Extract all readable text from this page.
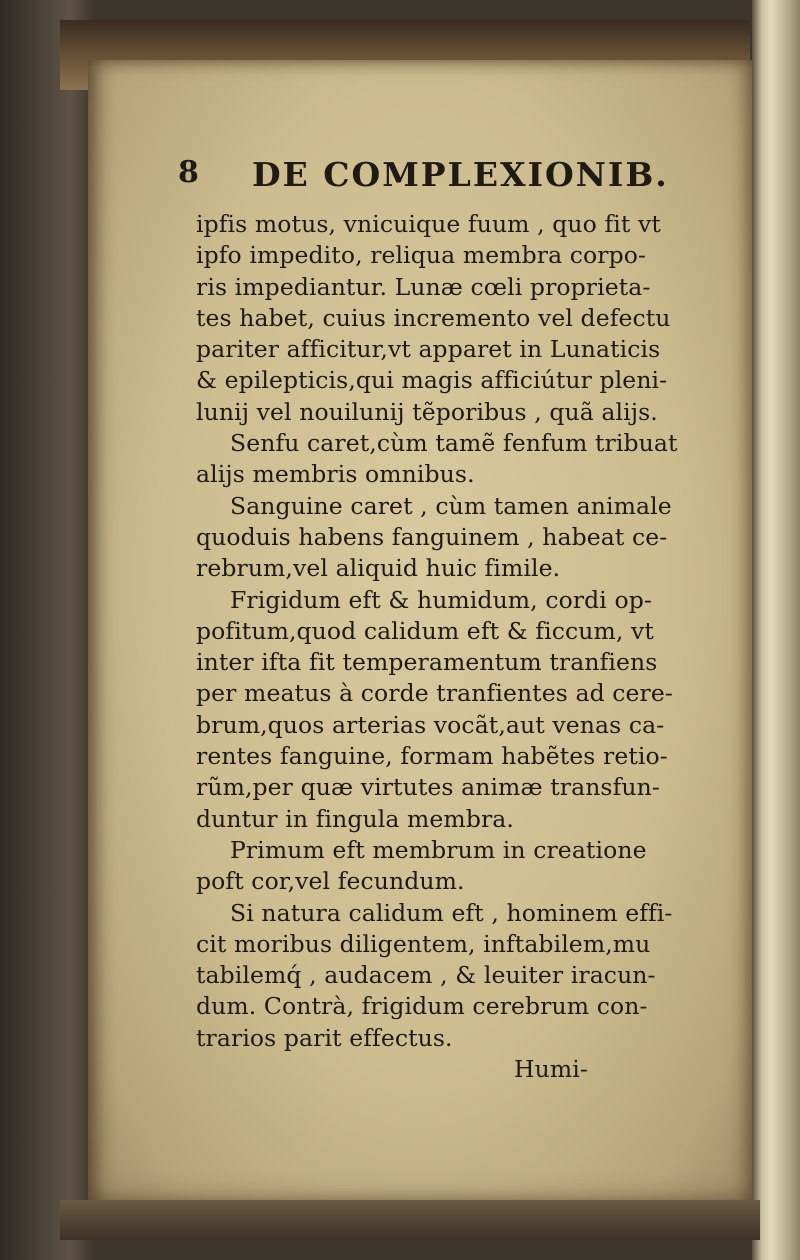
8 DE COMPLEXIONIB.
ipfis motus, vnicuique fuum , quo fit vt
ipfo impedito, reliqua membra corpo-
ris impediantur. Lunæ cœli proprieta-
tes habet, cuius incremento vel defectu
pariter afficitur,vt apparet in Lunaticis
& epilepticis,qui magis afficiútur pleni-
lunij vel nouilunij tẽporibus , quã alijs.
Senfu caret,cùm tamẽ fenfum tribuat
alijs membris omnibus.
Sanguine caret , cùm tamen animale
quoduis habens fanguinem , habeat ce-
rebrum,vel aliquid huic fimile.
Frigidum eft & humidum, cordi op-
pofitum,quod calidum eft & ficcum, vt
inter ifta fit temperamentum tranfiens
per meatus à corde tranfientes ad cere-
brum,quos arterias vocãt,aut venas ca-
rentes fanguine, formam habẽtes retio-
rũm,per quæ virtutes animæ transfun-
duntur in fingula membra.
Primum eft membrum in creatione
poft cor,vel fecundum.
Si natura calidum eft , hominem effi-
cit moribus diligentem, inftabilem,mu
tabilemq́ , audacem , & leuiter iracun-
dum. Contrà, frigidum cerebrum con-
trarios parit effectus.
Humi-
